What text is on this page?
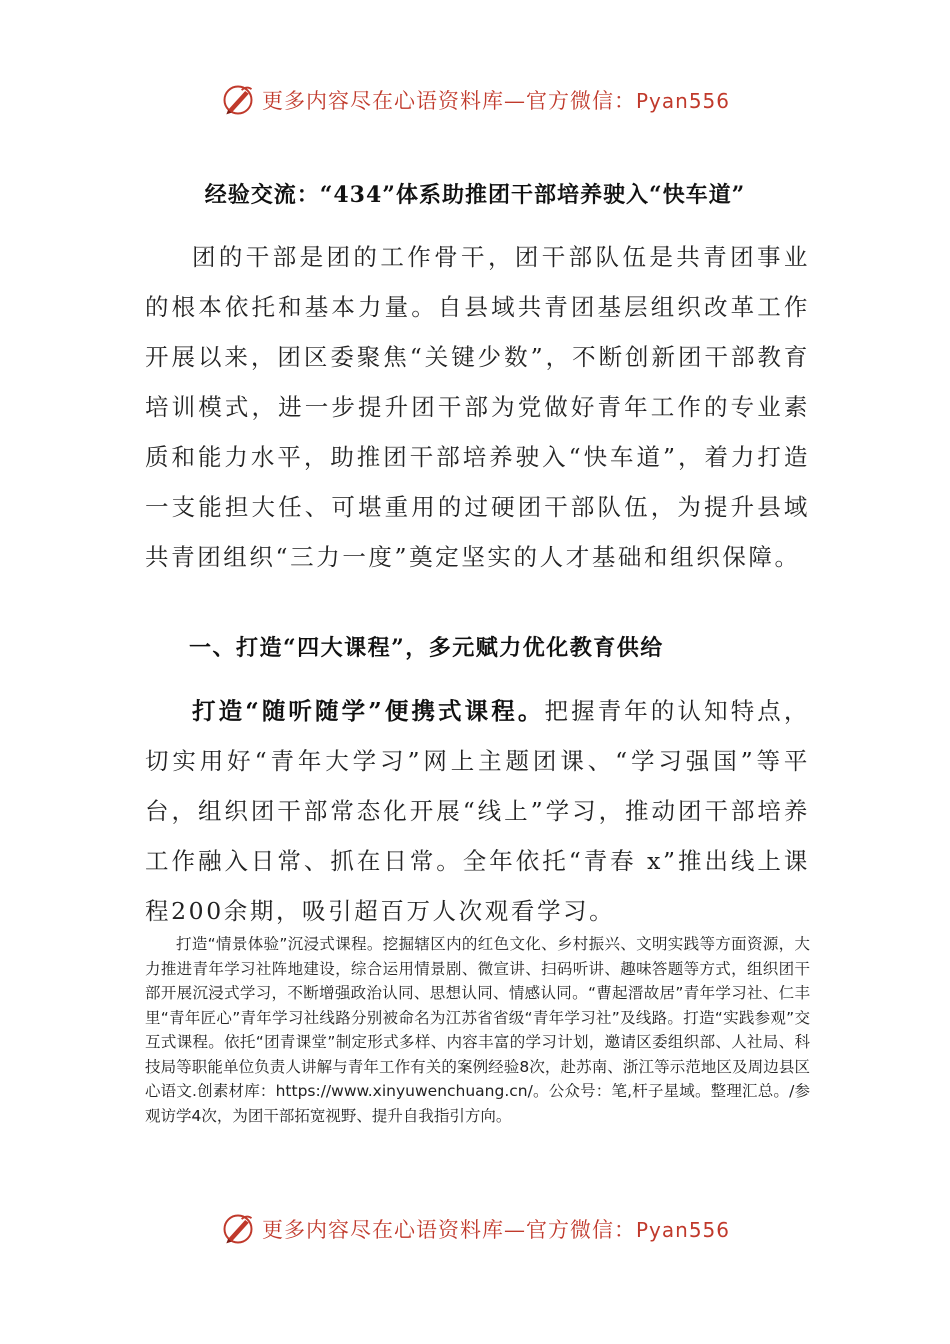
更多内容尽在心语资料库—官方微信：Pyan556
经验交流：“434”体系助推团干部培养驶入“快车道”

团的干部是团的工作骨干，团干部队伍是共青团事业的根本依托和基本力量。自县域共青团基层组织改革工作开展以来，团区委聚焦“关键少数”，不断创新团干部教育培训模式，进一步提升团干部为党做好青年工作的专业素质和能力水平，助推团干部培养驶入“快车道”，着力打造一支能担大任、可堪重用的过硬团干部队伍，为提升县域共青团组织“三力一度”奠定坚实的人才基础和组织保障。

一、打造“四大课程”，多元赋力优化教育供给

打造“随听随学”便携式课程。把握青年的认知特点，切实用好“青年大学习”网上主题团课、“学习强国”等平台，组织团干部常态化开展“线上”学习，推动团干部培养工作融入日常、抓在日常。全年依托“青春 x”推出线上课程200余期，吸引超百万人次观看学习。

打造“情景体验”沉浸式课程。挖掘辖区内的红色文化、乡村振兴、文明实践等方面资源，大力推进青年学习社阵地建设，综合运用情景剧、微宣讲、扫码听讲、趣味答题等方式，组织团干部开展沉浸式学习，不断增强政治认同、思想认同、情感认同。“曹起溍故居”青年学习社、仁丰里“青年匠心”青年学习社线路分别被命名为江苏省省级“青年学习社”及线路。打造“实践参观”交互式课程。依托“团青课堂”制定形式多样、内容丰富的学习计划，邀请区委组织部、人社局、科技局等职能单位负责人讲解与青年工作有关的案例经验8次，赴苏南、浙江等示范地区及周边县区心语文.创素材库：https://www.xinyuwenchuang.cn/。公众号：笔,杆子星域。整理汇总。/参观访学4次，为团干部拓宽视野、提升自我指引方向。

更多内容尽在心语资料库—官方微信：Pyan556
